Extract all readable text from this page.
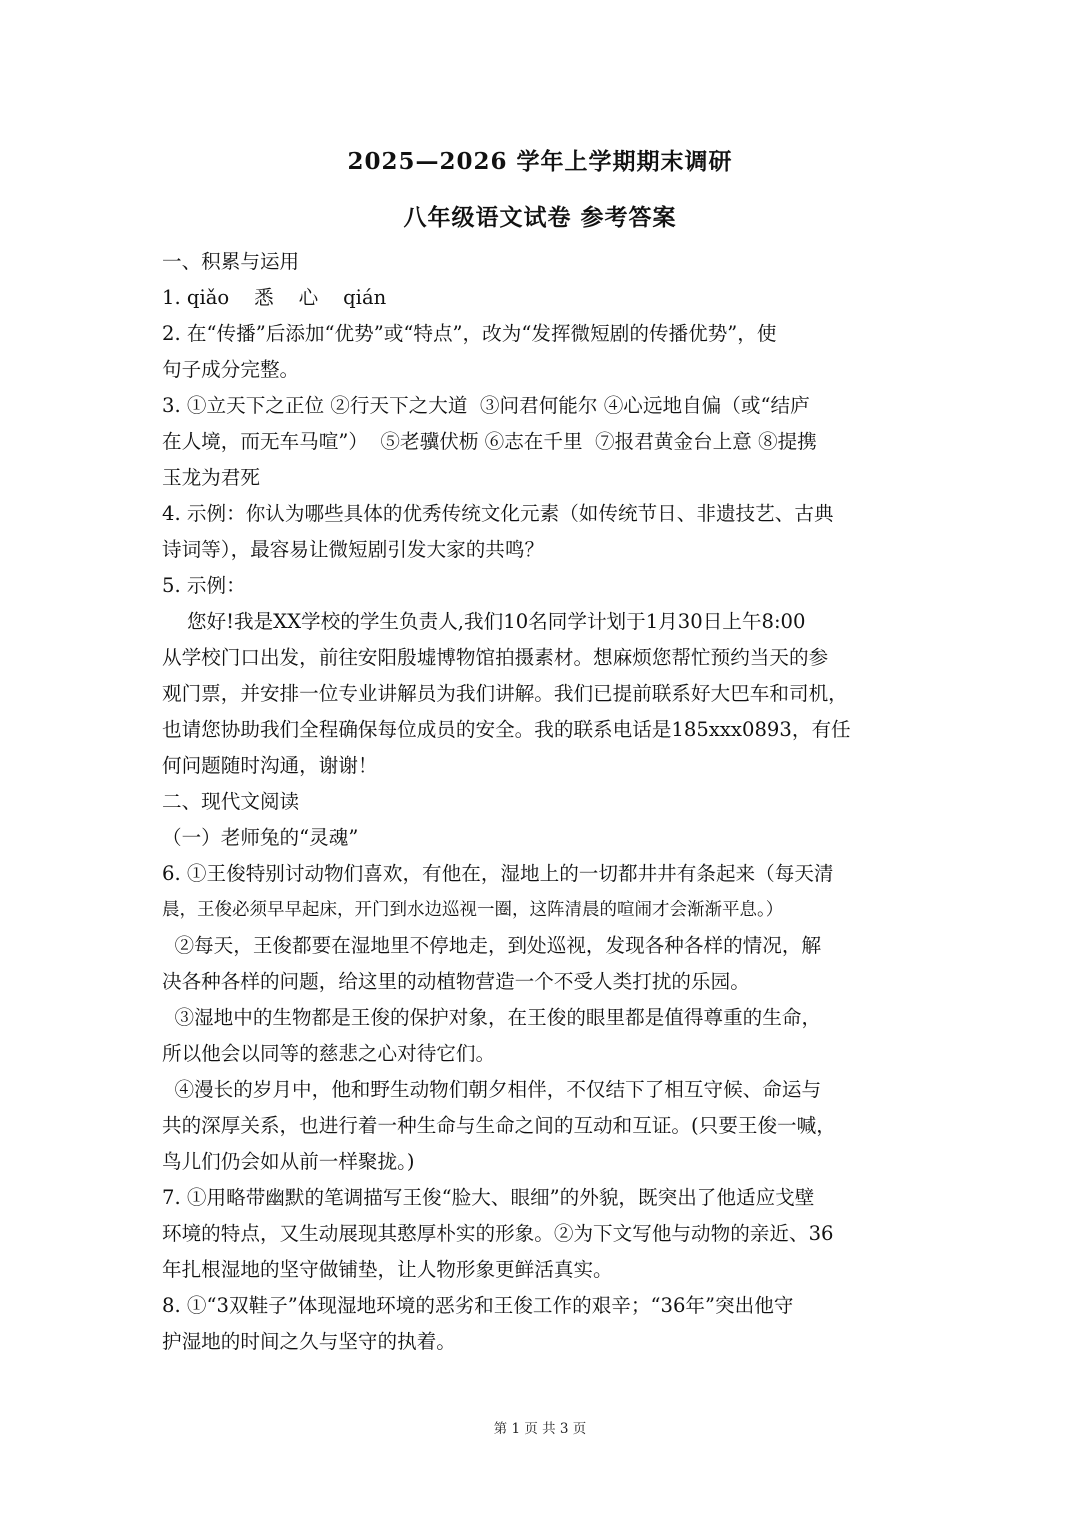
2025—2026 学年上学期期末调研
八年级语文试卷 参考答案
一、积累与运用
1. qiǎo    悉    心    qián
2. 在“传播”后添加“优势”或“特点”，改为“发挥微短剧的传播优势”，使
句子成分完整。
3. ①立天下之正位 ②行天下之大道  ③问君何能尔 ④心远地自偏（或“结庐
在人境，而无车马喧”）  ⑤老骥伏枥 ⑥志在千里  ⑦报君黄金台上意 ⑧提携
玉龙为君死
4. 示例：你认为哪些具体的优秀传统文化元素（如传统节日、非遗技艺、古典
诗词等），最容易让微短剧引发大家的共鸣？
5. 示例：
您好!我是XX学校的学生负责人,我们10名同学计划于1月30日上午8:00
从学校门口出发，前往安阳殷墟博物馆拍摄素材。想麻烦您帮忙预约当天的参
观门票，并安排一位专业讲解员为我们讲解。我们已提前联系好大巴车和司机，
也请您协助我们全程确保每位成员的安全。我的联系电话是185xxx0893，有任
何问题随时沟通，谢谢！
二、现代文阅读
（一）老师兔的“灵魂”
6. ①王俊特别讨动物们喜欢，有他在，湿地上的一切都井井有条起来（每天清
晨，王俊必须早早起床，开门到水边巡视一圈，这阵清晨的喧闹才会渐渐平息。）
②每天，王俊都要在湿地里不停地走，到处巡视，发现各种各样的情况，解
决各种各样的问题，给这里的动植物营造一个不受人类打扰的乐园。
③湿地中的生物都是王俊的保护对象，在王俊的眼里都是值得尊重的生命，
所以他会以同等的慈悲之心对待它们。
④漫长的岁月中，他和野生动物们朝夕相伴，不仅结下了相互守候、命运与
共的深厚关系，也进行着一种生命与生命之间的互动和互证。(只要王俊一喊，
鸟儿们仍会如从前一样聚拢。)
7. ①用略带幽默的笔调描写王俊“脸大、眼细”的外貌，既突出了他适应戈壁
环境的特点，又生动展现其憨厚朴实的形象。②为下文写他与动物的亲近、36
年扎根湿地的坚守做铺垫，让人物形象更鲜活真实。
8. ①“3双鞋子”体现湿地环境的恶劣和王俊工作的艰辛；“36年”突出他守
护湿地的时间之久与坚守的执着。
第 1 页 共 3 页
